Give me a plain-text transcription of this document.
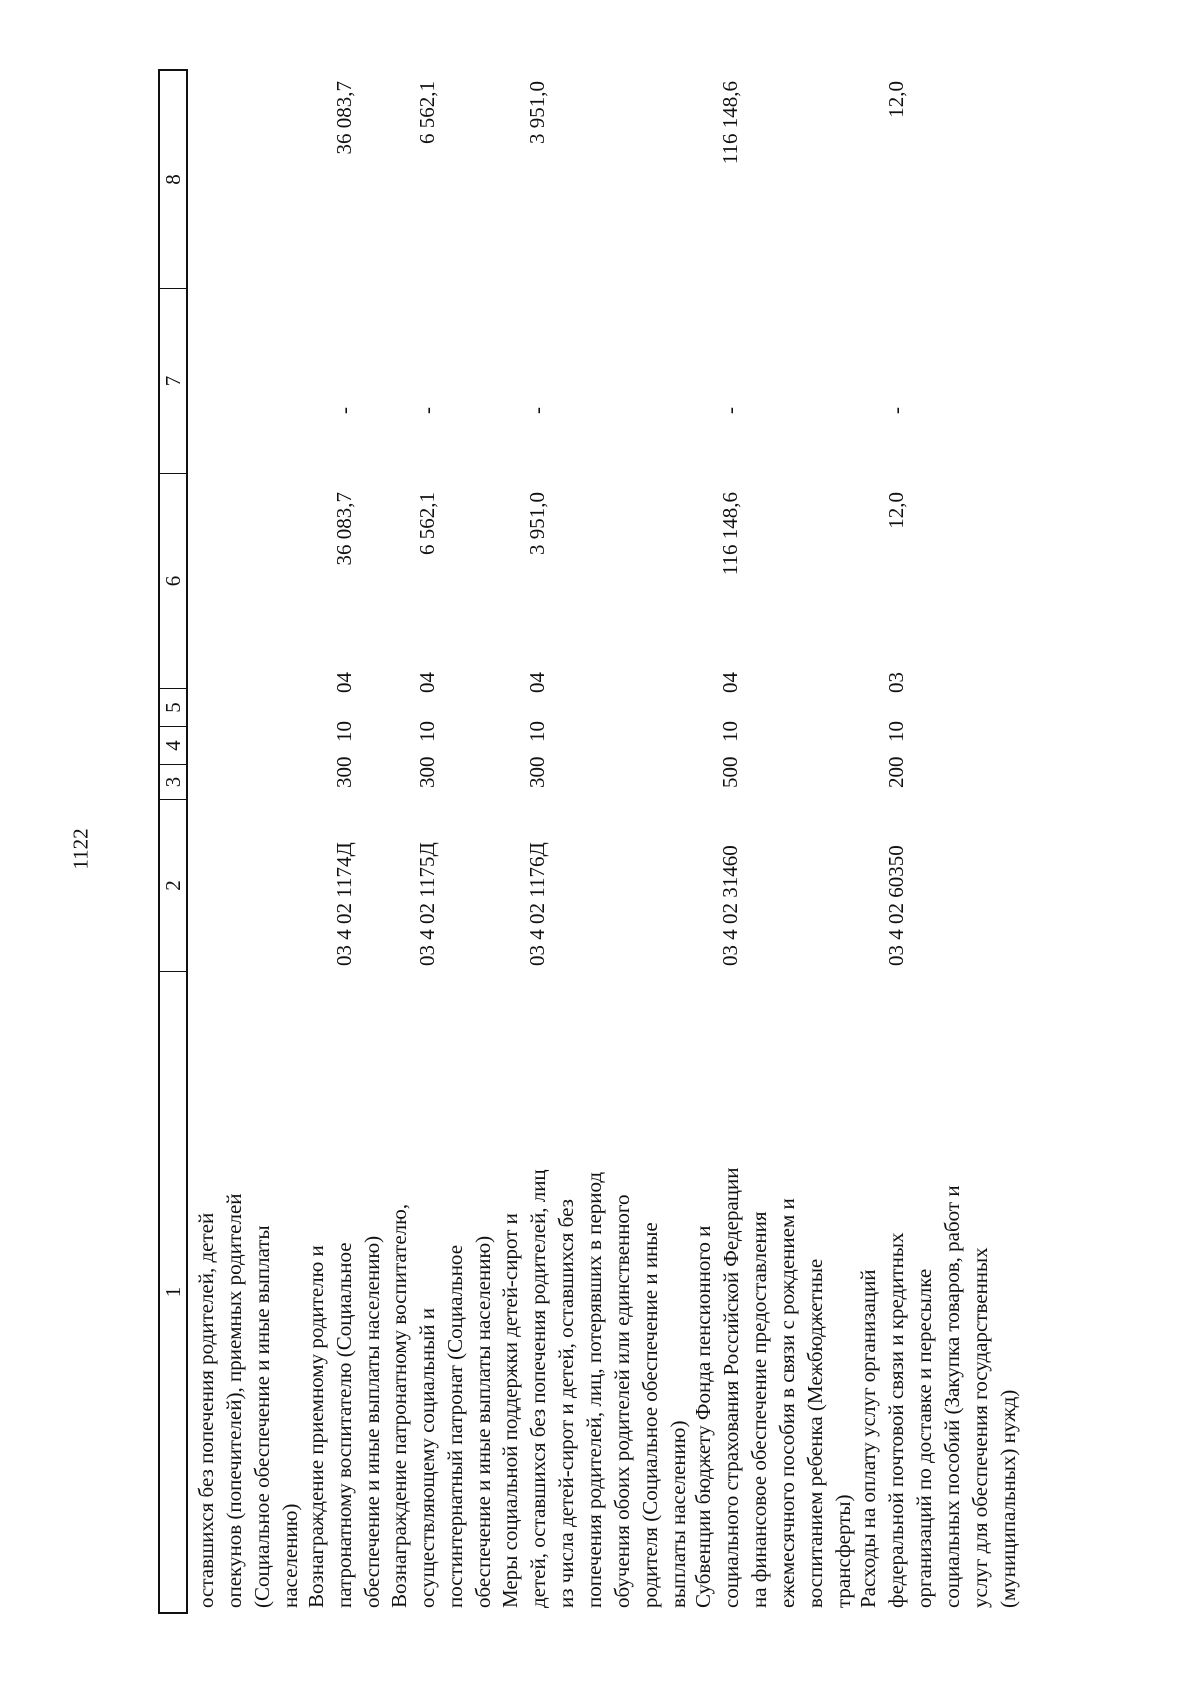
1122
1
2
3
4
5
6
7
8
оставшихся без попечения родителей, детей опекунов (попечителей), приемных родителей (Социальное обеспечение и иные выплаты населению) Вознаграждение приемному родителю и патронатному воспитателю (Социальное обеспечение и иные выплаты населению)
03 4 02 1174Д
300
10
04
36 083,7
-
36 083,7
Вознаграждение патронатному воспитателю, осуществляющему социальный и постинтернатный патронат (Социальное обеспечение и иные выплаты населению)
03 4 02 1175Д
300
10
04
6 562,1
-
6 562,1
Меры социальной поддержки детей-сирот и детей, оставшихся без попечения родителей, лиц из числа детей-сирот и детей, оставшихся без попечения родителей, лиц, потерявших в период обучения обоих родителей или единственного родителя (Социальное обеспечение и иные выплаты населению)
03 4 02 1176Д
300
10
04
3 951,0
-
3 951,0
Субвенции бюджету Фонда пенсионного и социального страхования Российской Федерации на финансовое обеспечение предоставления ежемесячного пособия в связи с рождением и воспитанием ребенка (Межбюджетные трансферты)
03 4 02 31460
500
10
04
116 148,6
-
116 148,6
Расходы на оплату услуг организаций федеральной почтовой связи и кредитных организаций по доставке и пересылке социальных пособий (Закупка товаров, работ и услуг для обеспечения государственных (муниципальных) нужд)
03 4 02 60350
200
10
03
12,0
-
12,0
